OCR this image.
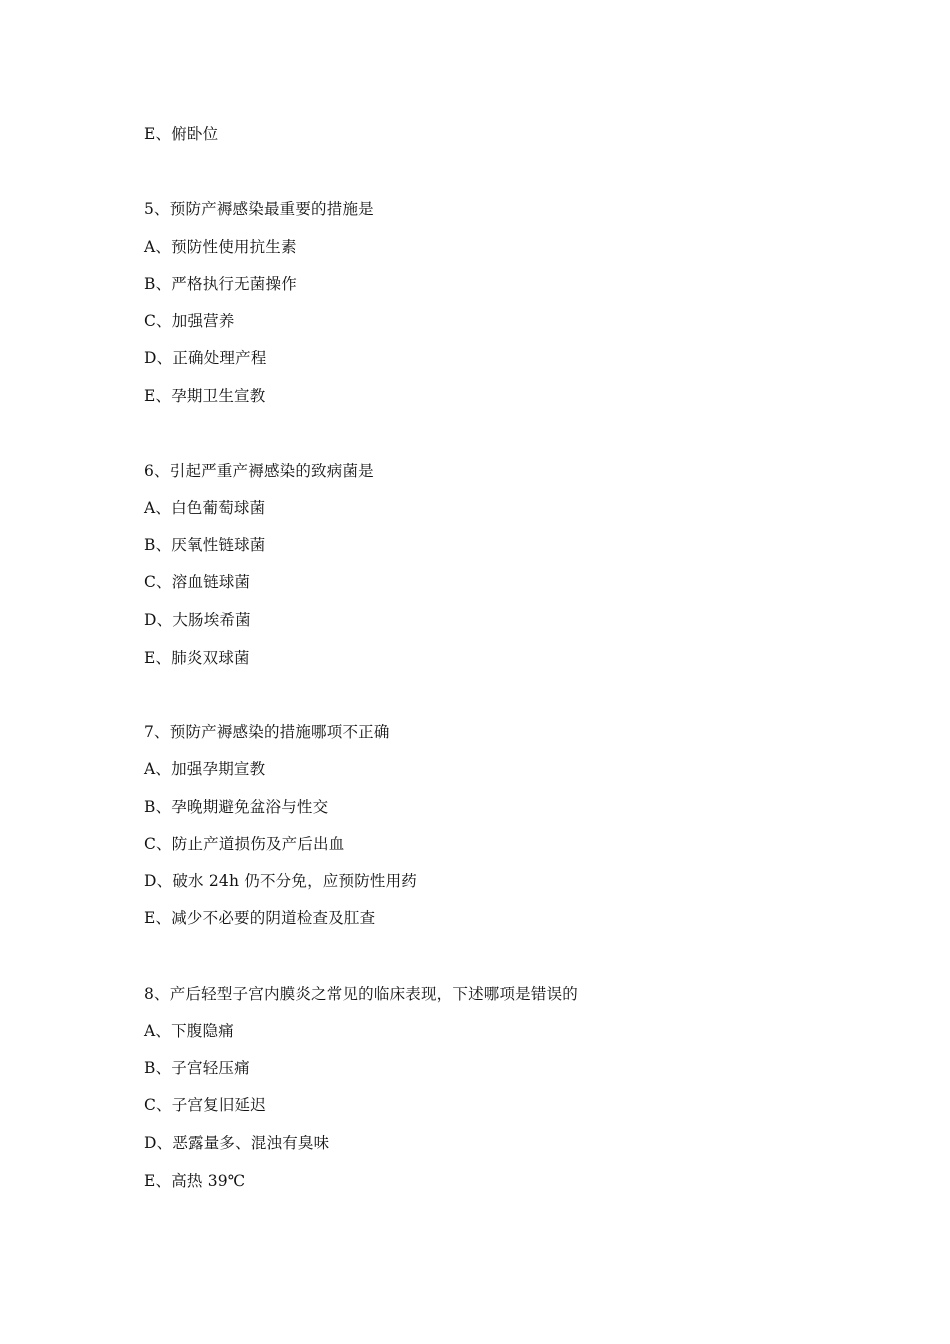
E、俯卧位
5、预防产褥感染最重要的措施是
A、预防性使用抗生素
B、严格执行无菌操作
C、加强营养
D、正确处理产程
E、孕期卫生宣教
6、引起严重产褥感染的致病菌是
A、白色葡萄球菌
B、厌氧性链球菌
C、溶血链球菌
D、大肠埃希菌
E、肺炎双球菌
7、预防产褥感染的措施哪项不正确
A、加强孕期宣教
B、孕晚期避免盆浴与性交
C、防止产道损伤及产后出血
D、破水 24h 仍不分免，应预防性用药
E、减少不必要的阴道检查及肛查
8、产后轻型子宫内膜炎之常见的临床表现，下述哪项是错误的
A、下腹隐痛
B、子宫轻压痛
C、子宫复旧延迟
D、恶露量多、混浊有臭味
E、高热 39℃
